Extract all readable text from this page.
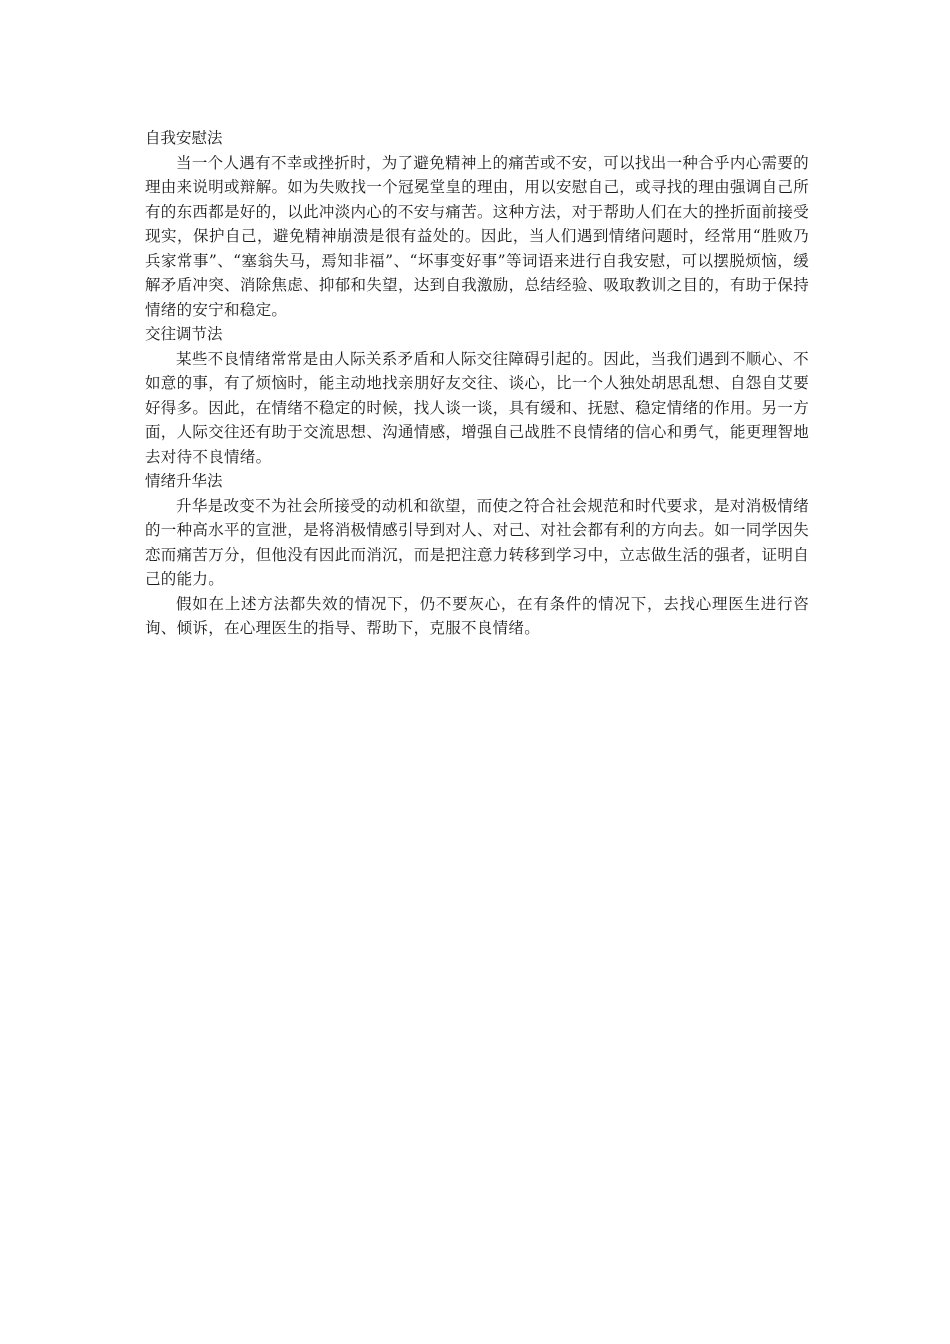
自我安慰法

当一个人遇有不幸或挫折时，为了避免精神上的痛苦或不安，可以找出一种合乎内心需要的理由来说明或辩解。如为失败找一个冠冕堂皇的理由，用以安慰自己，或寻找的理由强调自己所有的东西都是好的，以此冲淡内心的不安与痛苦。这种方法，对于帮助人们在大的挫折面前接受现实，保护自己，避免精神崩溃是很有益处的。因此，当人们遇到情绪问题时，经常用“胜败乃兵家常事”、“塞翁失马，焉知非福”、“坏事变好事”等词语来进行自我安慰，可以摆脱烦恼，缓解矛盾冲突、消除焦虑、抑郁和失望，达到自我激励，总结经验、吸取教训之目的，有助于保持情绪的安宁和稳定。

交往调节法

某些不良情绪常常是由人际关系矛盾和人际交往障碍引起的。因此，当我们遇到不顺心、不如意的事，有了烦恼时，能主动地找亲朋好友交往、谈心，比一个人独处胡思乱想、自怨自艾要好得多。因此，在情绪不稳定的时候，找人谈一谈，具有缓和、抚慰、稳定情绪的作用。另一方面，人际交往还有助于交流思想、沟通情感，增强自己战胜不良情绪的信心和勇气，能更理智地去对待不良情绪。

情绪升华法

升华是改变不为社会所接受的动机和欲望，而使之符合社会规范和时代要求，是对消极情绪的一种高水平的宣泄，是将消极情感引导到对人、对己、对社会都有利的方向去。如一同学因失恋而痛苦万分，但他没有因此而消沉，而是把注意力转移到学习中，立志做生活的强者，证明自己的能力。

假如在上述方法都失效的情况下，仍不要灰心，在有条件的情况下，去找心理医生进行咨询、倾诉，在心理医生的指导、帮助下，克服不良情绪。
